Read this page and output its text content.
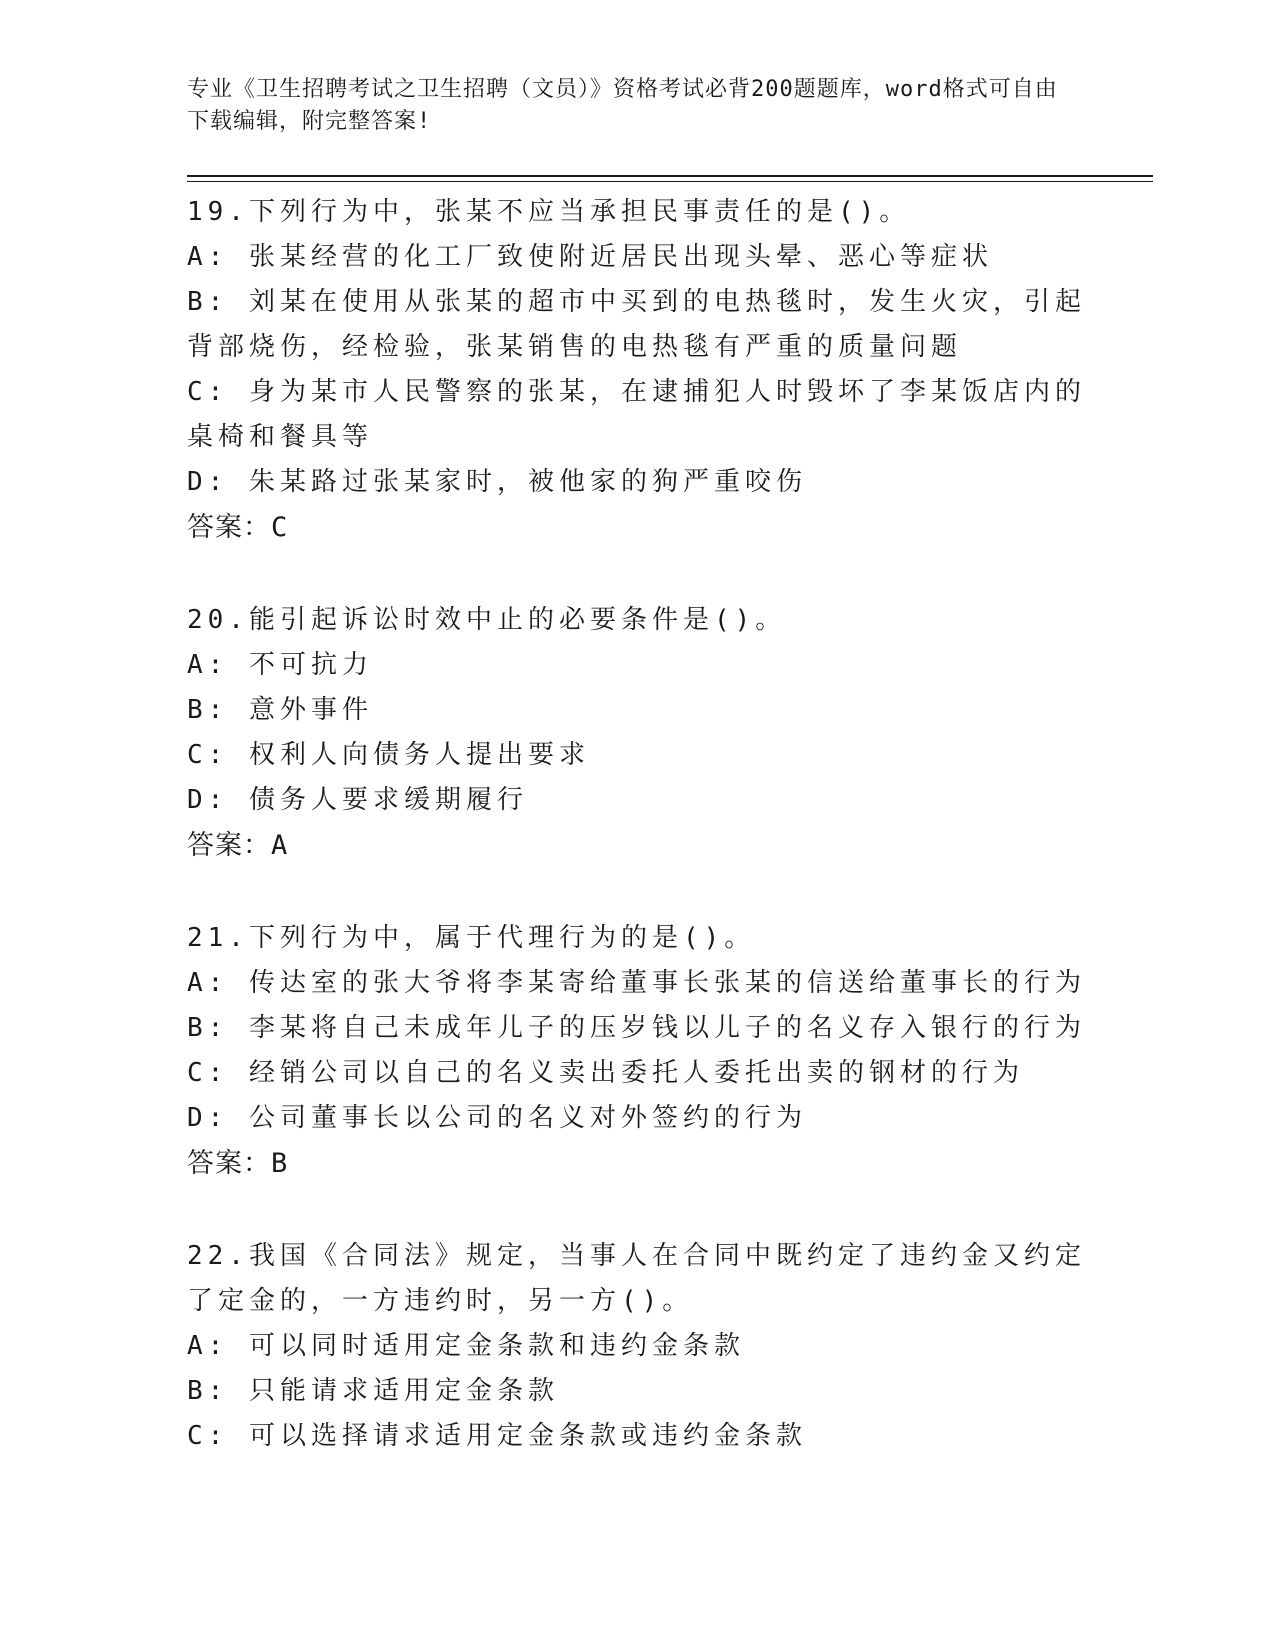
专业《卫生招聘考试之卫生招聘（文员）》资格考试必背200题题库，word格式可自由下载编辑，附完整答案!
19.下列行为中，张某不应当承担民事责任的是()。
A: 张某经营的化工厂致使附近居民出现头晕、恶心等症状
B: 刘某在使用从张某的超市中买到的电热毯时，发生火灾，引起背部烧伤，经检验，张某销售的电热毯有严重的质量问题
C: 身为某市人民警察的张某，在逮捕犯人时毁坏了李某饭店内的桌椅和餐具等
D: 朱某路过张某家时，被他家的狗严重咬伤
答案：C
20.能引起诉讼时效中止的必要条件是()。
A: 不可抗力
B: 意外事件
C: 权利人向债务人提出要求
D: 债务人要求缓期履行
答案：A
21.下列行为中，属于代理行为的是()。
A: 传达室的张大爷将李某寄给董事长张某的信送给董事长的行为
B: 李某将自己未成年儿子的压岁钱以儿子的名义存入银行的行为
C: 经销公司以自己的名义卖出委托人委托出卖的钢材的行为
D: 公司董事长以公司的名义对外签约的行为
答案：B
22.我国《合同法》规定，当事人在合同中既约定了违约金又约定了定金的，一方违约时，另一方()。
A: 可以同时适用定金条款和违约金条款
B: 只能请求适用定金条款
C: 可以选择请求适用定金条款或违约金条款
